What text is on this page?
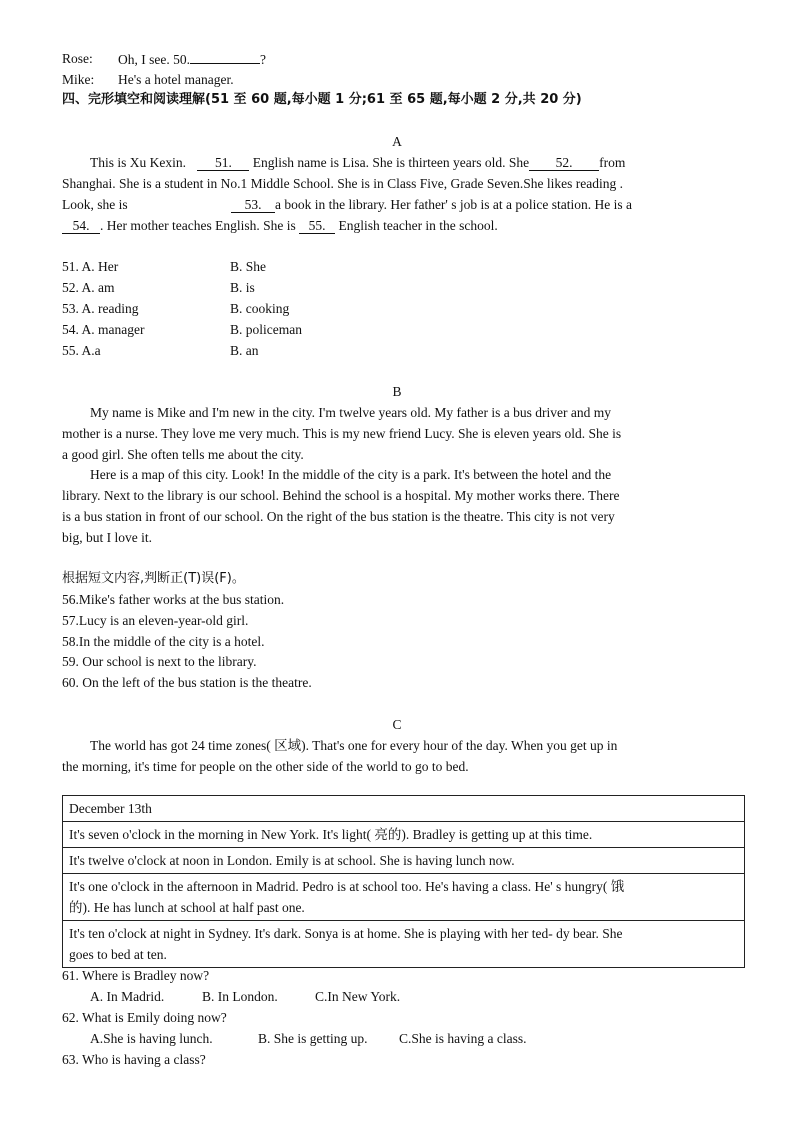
Rose: Oh, I see. 50.	?
Mike: He's a hotel manager.
四、完形填空和阅读理解(51 至 60 题,每小题 1 分;61 至 65 题,每小题 2 分,共 20 分)
A
This is Xu Kexin. 51. English name is Lisa. She is thirteen years old. She 52. from
Shanghai. She is a student in No.1 Middle School. She is in Class Five, Grade Seven.She likes reading .
Look, she is	53. a book in the library. Her father' s job is at a police station. He is a
54. . Her mother teaches English. She is 55. English teacher in the school.
51. A. Her	B. She
52. A. am	B. is
53. A. reading	B. cooking
54. A. manager	B. policeman
55. A.a	B. an
B
My name is Mike and I'm new in the city. I'm twelve years old. My father is a bus driver and my
mother is a nurse. They love me very much. This is my new friend Lucy. She is eleven years old. She is
a good girl. She often tells me about the city.
Here is a map of this city. Look! In the middle of the city is a park. It's between the hotel and the
library. Next to the library is our school. Behind the school is a hospital. My mother works there. There
is a bus station in front of our school. On the right of the bus station is the theatre. This city is not very
big, but I love it.
根据短文内容,判断正(T)误(F)。
56.Mike's father works at the bus station.
57.Lucy is an eleven-year-old girl.
58.In the middle of the city is a hotel.
59. Our school is next to the library.
60. On the left of the bus station is the theatre.
C
The world has got 24 time zones( 区域). That's one for every hour of the day. When you get up in
the morning, it's time for people on the other side of the world to go to bed.
December 13th
It's seven o'clock in the morning in New York. It's light( 亮的). Bradley is getting up at this time.
It's twelve o'clock at noon in London. Emily is at school. She is having lunch now.

It's one o'clock in the afternoon in Madrid. Pedro is at school too. He's having a class. He' s hungry( 饿
的). He has lunch at school at half past one.

It's ten o'clock at night in Sydney. It's dark. Sonya is at home. She is playing with her ted- dy bear. She
goes to bed at ten.
61. Where is Bradley now?
A. In Madrid.	B. In London.	C.In New York.
62. What is Emily doing now?
A.She is having lunch.	B. She is getting up. C.She is having a class.
63. Who is having a class?
